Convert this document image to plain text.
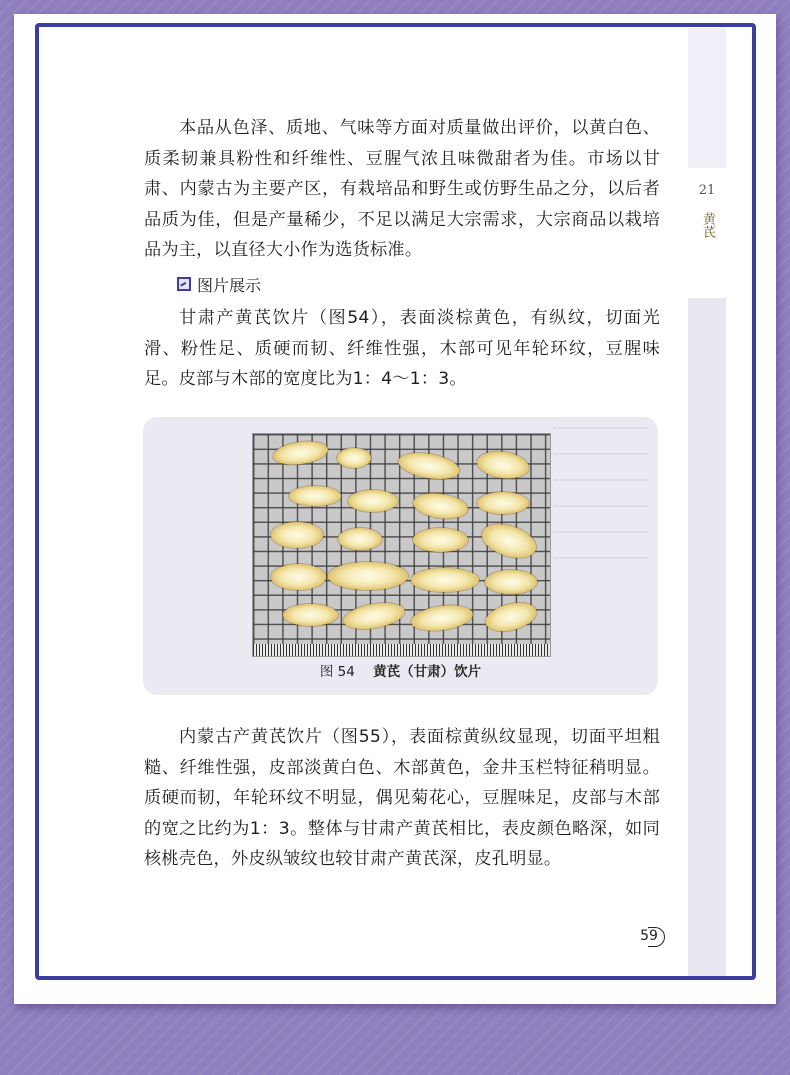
21
黄芪

本品从色泽、质地、气味等方面对质量做出评价，以黄白色、质柔韧兼具粉性和纤维性、豆腥气浓且味微甜者为佳。市场以甘肃、内蒙古为主要产区，有栽培品和野生或仿野生品之分，以后者品质为佳，但是产量稀少，不足以满足大宗需求，大宗商品以栽培品为主，以直径大小作为选货标准。

图片展示

甘肃产黄芪饮片（图54），表面淡棕黄色，有纵纹，切面光滑、粉性足、质硬而韧、纤维性强，木部可见年轮环纹，豆腥味足。皮部与木部的宽度比为1：4～1：3。

图 54 黄芪（甘肃）饮片

内蒙古产黄芪饮片（图55），表面棕黄纵纹显现，切面平坦粗糙、纤维性强，皮部淡黄白色、木部黄色，金井玉栏特征稍明显。质硬而韧，年轮环纹不明显，偶见菊花心，豆腥味足，皮部与木部的宽之比约为1：3。整体与甘肃产黄芪相比，表皮颜色略深，如同核桃壳色，外皮纵皱纹也较甘肃产黄芪深，皮孔明显。

59
